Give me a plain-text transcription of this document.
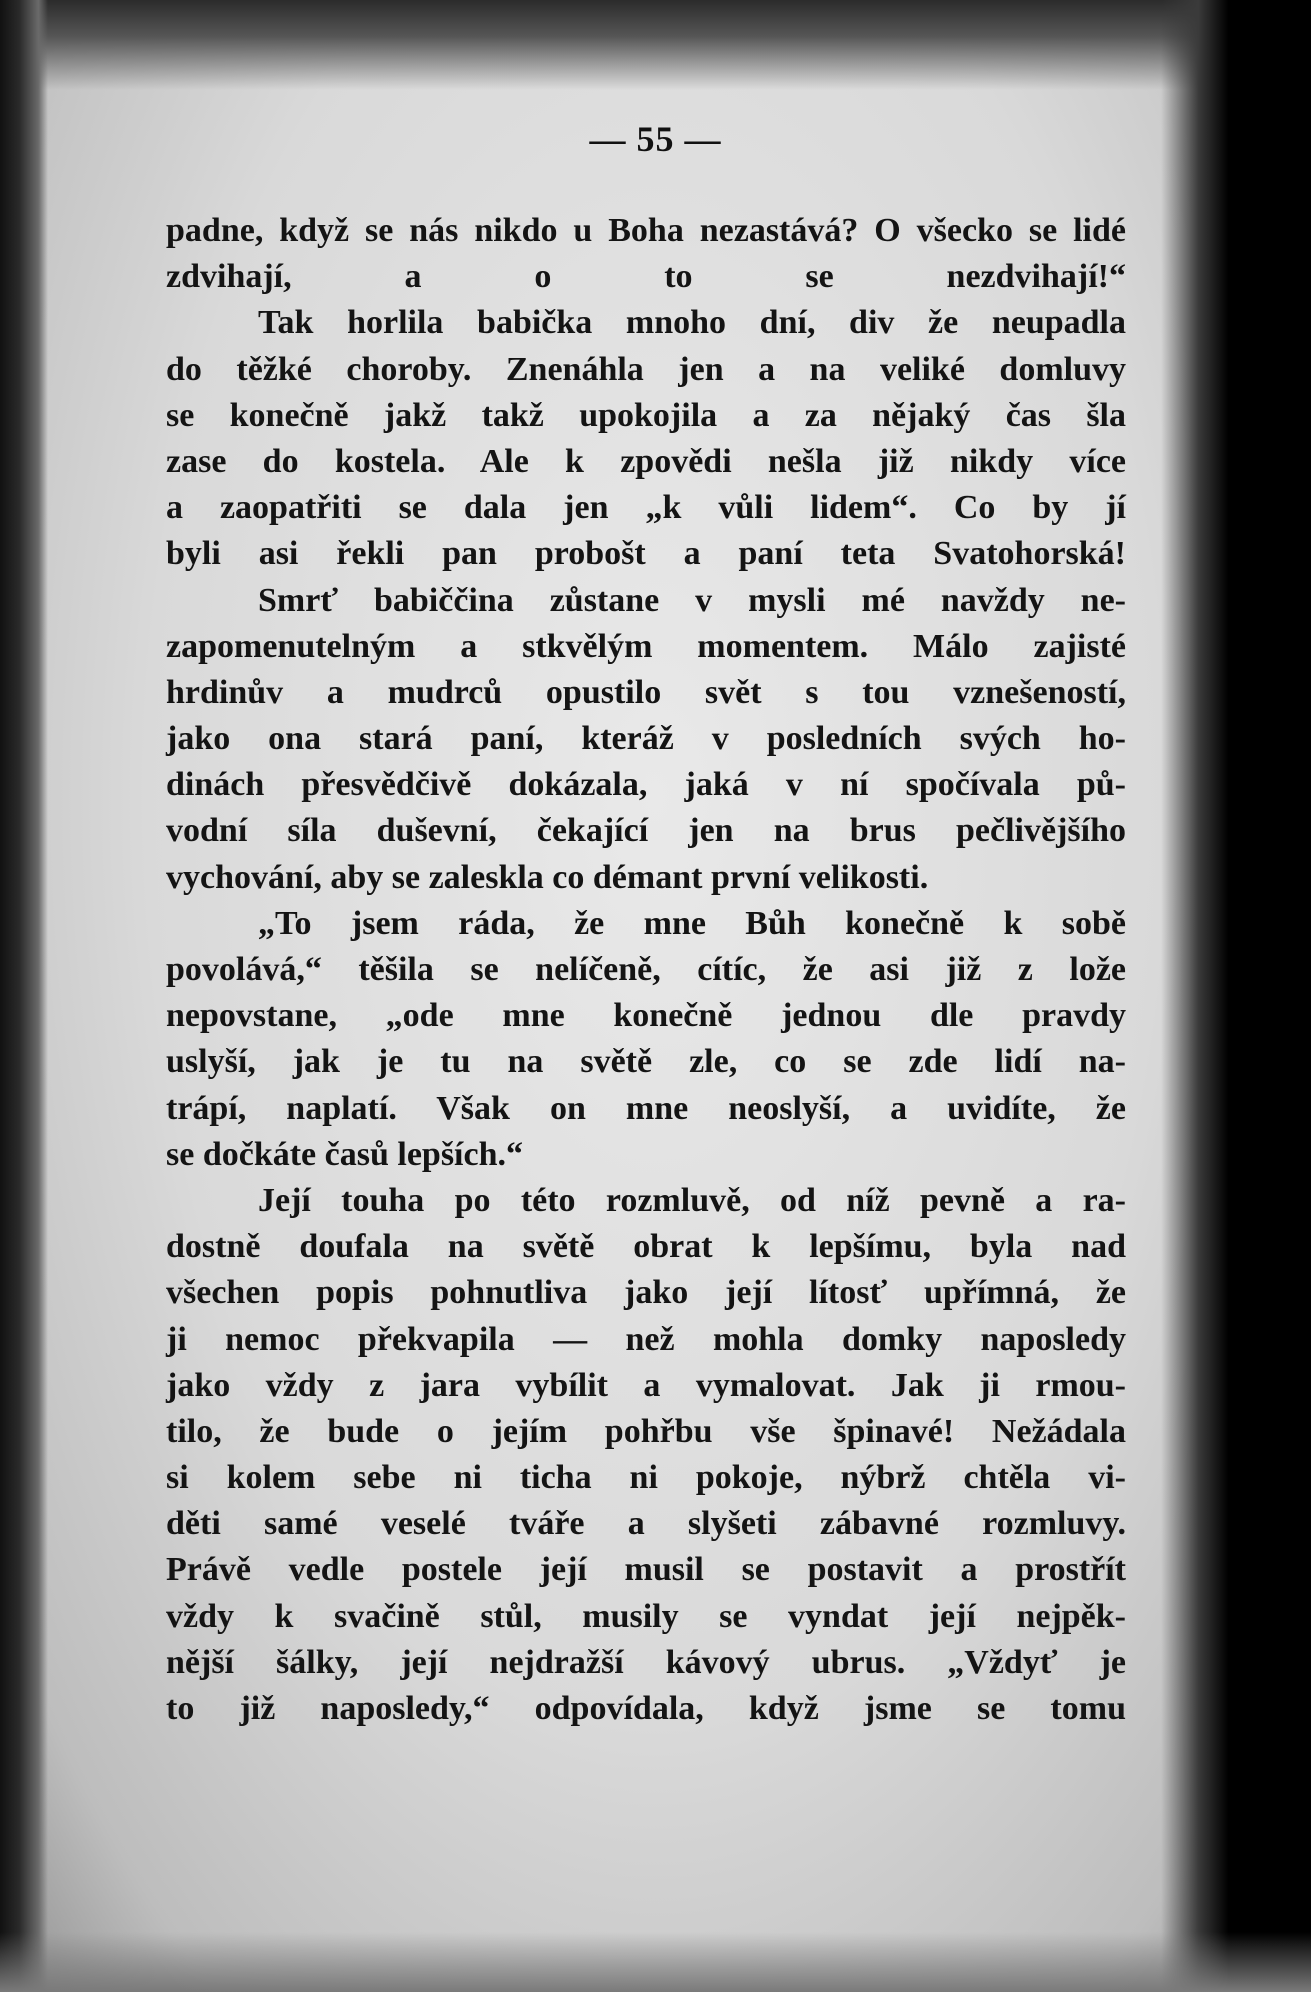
— 55 —
padne, když se nás nikdo u Boha nezastává? O všecko se lidé zdvihají, a o to se nezdvihají!“
Tak horlila babička mnoho dní, div že neupadla
do těžké choroby. Znenáhla jen a na veliké domluvy
se konečně jakž takž upokojila a za nějaký čas šla
zase do kostela. Ale k zpovědi nešla již nikdy více
a zaopatřiti se dala jen „k vůli lidem“. Co by jí
byli asi řekli pan probošt a paní teta Svatohorská!
Smrť babiččina zůstane v mysli mé navždy ne-
zapomenutelným a stkvělým momentem. Málo zajisté
hrdinův a mudrců opustilo svět s tou vznešeností,
jako ona stará paní, kteráž v posledních svých ho-
dinách přesvědčivě dokázala, jaká v ní spočívala pů-
vodní síla duševní, čekající jen na brus pečlivějšího
vychování, aby se zaleskla co démant první velikosti.
„To jsem ráda, že mne Bůh konečně k sobě
povolává,“ těšila se nelíčeně, cítíc, že asi již z lože
nepovstane, „ode mne konečně jednou dle pravdy
uslyší, jak je tu na světě zle, co se zde lidí na-
trápí, naplatí. Však on mne neoslyší, a uvidíte, že
se dočkáte časů lepších.“
Její touha po této rozmluvě, od níž pevně a ra-
dostně doufala na světě obrat k lepšímu, byla nad
všechen popis pohnutliva jako její lítosť upřímná, že
ji nemoc překvapila — než mohla domky naposledy
jako vždy z jara vybílit a vymalovat. Jak ji rmou-
tilo, že bude o jejím pohřbu vše špinavé! Nežádala
si kolem sebe ni ticha ni pokoje, nýbrž chtěla vi-
děti samé veselé tváře a slyšeti zábavné rozmluvy.
Právě vedle postele její musil se postavit a prostřít
vždy k svačině stůl, musily se vyndat její nejpěk-
nější šálky, její nejdražší kávový ubrus. „Vždyť je
to již naposledy,“ odpovídala, když jsme se tomu
